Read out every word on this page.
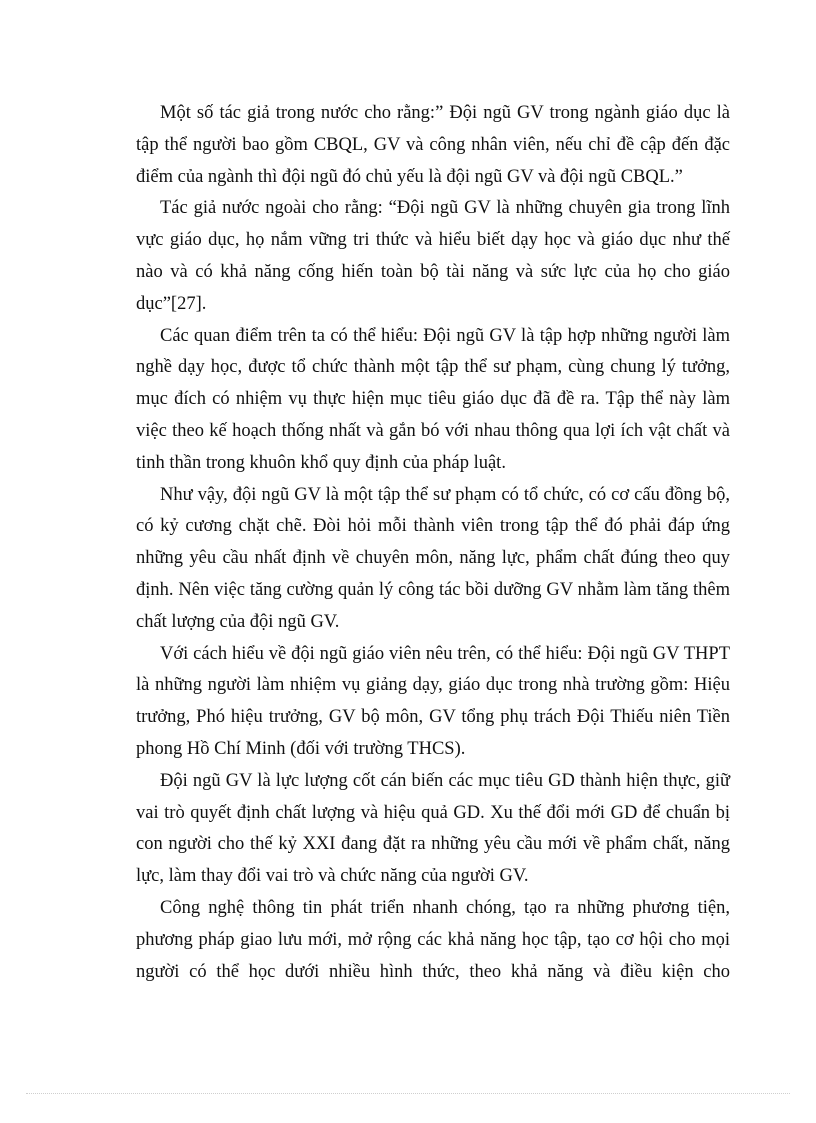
Một số tác giả trong nước cho rằng:” Đội ngũ GV trong ngành giáo dục là tập thể người bao gồm CBQL, GV và công nhân viên, nếu chỉ đề cập đến đặc điểm của ngành thì đội ngũ đó chủ yếu là đội ngũ GV và đội ngũ CBQL.”

Tác giả nước ngoài cho rằng: “Đội ngũ GV là những chuyên gia trong lĩnh vực giáo dục, họ nắm vững tri thức và hiểu biết dạy học và giáo dục như thế nào và có khả năng cống hiến toàn bộ tài năng và sức lực của họ cho giáo dục”[27].

Các quan điểm trên ta có thể hiểu: Đội ngũ GV là tập hợp những người làm nghề dạy học, được tổ chức thành một tập thể sư phạm, cùng chung lý tưởng, mục đích có nhiệm vụ thực hiện mục tiêu giáo dục đã đề ra. Tập thể này làm việc theo kế hoạch thống nhất và gắn bó với nhau thông qua lợi ích vật chất và tinh thần trong khuôn khổ quy định của pháp luật.

Như vậy, đội ngũ GV là một tập thể sư phạm có tổ chức, có cơ cấu đồng bộ, có kỷ cương chặt chẽ. Đòi hỏi mỗi thành viên trong tập thể đó phải đáp ứng những yêu cầu nhất định về chuyên môn, năng lực, phẩm chất đúng theo quy định. Nên việc tăng cường quản lý công tác bồi dưỡng GV nhằm làm tăng thêm chất lượng của đội ngũ GV.

Với cách hiểu về đội ngũ giáo viên nêu trên, có thể hiểu: Đội ngũ GV THPT là những người làm nhiệm vụ giảng dạy, giáo dục trong nhà trường gồm: Hiệu trưởng, Phó hiệu trưởng, GV bộ môn, GV tổng phụ trách Đội Thiếu niên Tiền phong Hồ Chí Minh (đối với trường THCS).

Đội ngũ GV là lực lượng cốt cán biến các mục tiêu GD thành hiện thực, giữ vai trò quyết định chất lượng và hiệu quả GD. Xu thế đổi mới GD để chuẩn bị con người cho thế kỷ XXI đang đặt ra những yêu cầu mới về phẩm chất, năng lực, làm thay đổi vai trò và chức năng của người GV.

Công nghệ thông tin phát triển nhanh chóng, tạo ra những phương tiện, phương pháp giao lưu mới, mở rộng các khả năng học tập, tạo cơ hội cho mọi người có thể học dưới nhiều hình thức, theo khả năng và điều kiện cho
